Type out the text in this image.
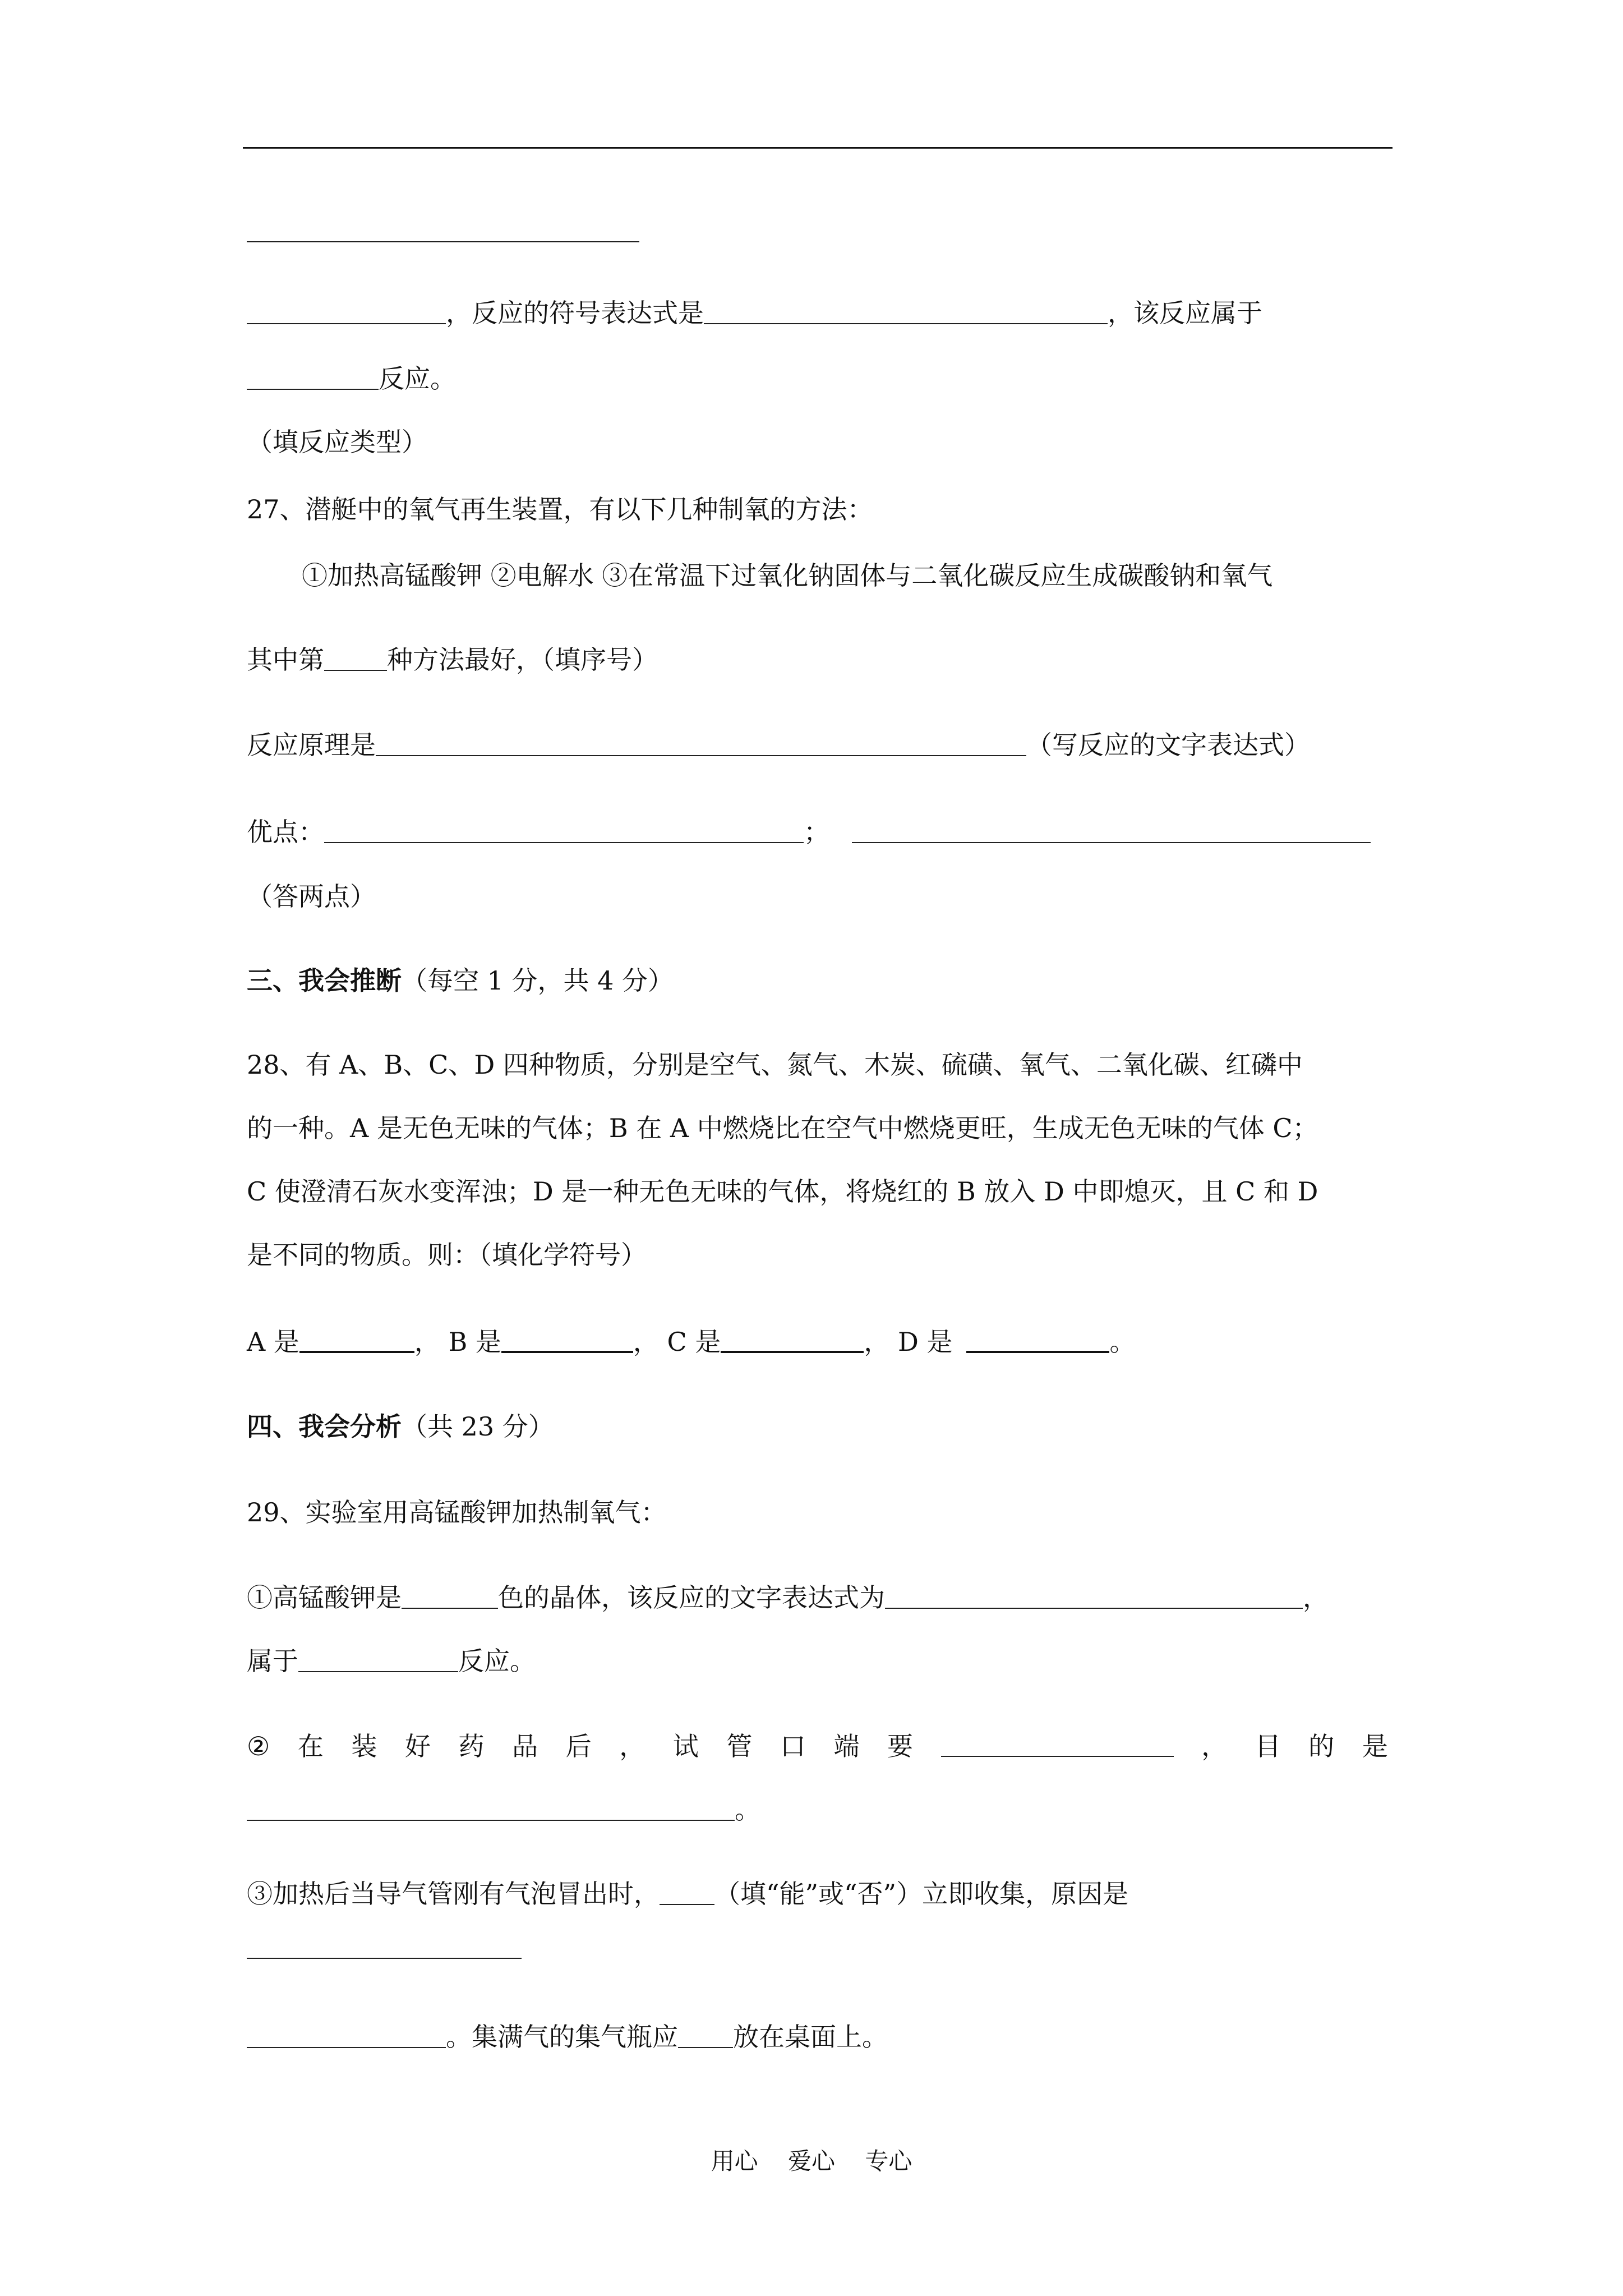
，反应的符号表达式是	，该反应属于
反应。
（填反应类型）
27、潜艇中的氧气再生装置，有以下几种制氧的方法：
①加热高锰酸钾 ②电解水 ③在常温下过氧化钠固体与二氧化碳反应生成碳酸钠和氧气
其中第 种方法最好，（填序号）
反应原理是	（写反应的文字表达式）
优点：	；
（答两点）
三、我会推断（每空 1 分，共 4 分）
28、有 A、B、C、D 四种物质，分别是空气、氮气、木炭、硫磺、氧气、二氧化碳、红磷中
的一种。A 是无色无味的气体；B 在 A 中燃烧比在空气中燃烧更旺，生成无色无味的气体 C；
C 使澄清石灰水变浑浊；D 是一种无色无味的气体，将烧红的 B 放入 D 中即熄灭，且 C 和 D
是不同的物质。则：（填化学符号）
A 是	， B 是	， C 是	， D 是	。
四、我会分析（共 23 分）
29、实验室用高锰酸钾加热制氧气：
①高锰酸钾是	色的晶体，该反应的文字表达式为	，
属于	反应。
② 在 装 好 药 品 后 ， 试 管 口 端 要	， 目 的 是
。
③加热后当导气管刚有气泡冒出时， （填“能”或“否”）立即收集，原因是
。集满气的集气瓶应 放在桌面上。
用心 爱心 专心
